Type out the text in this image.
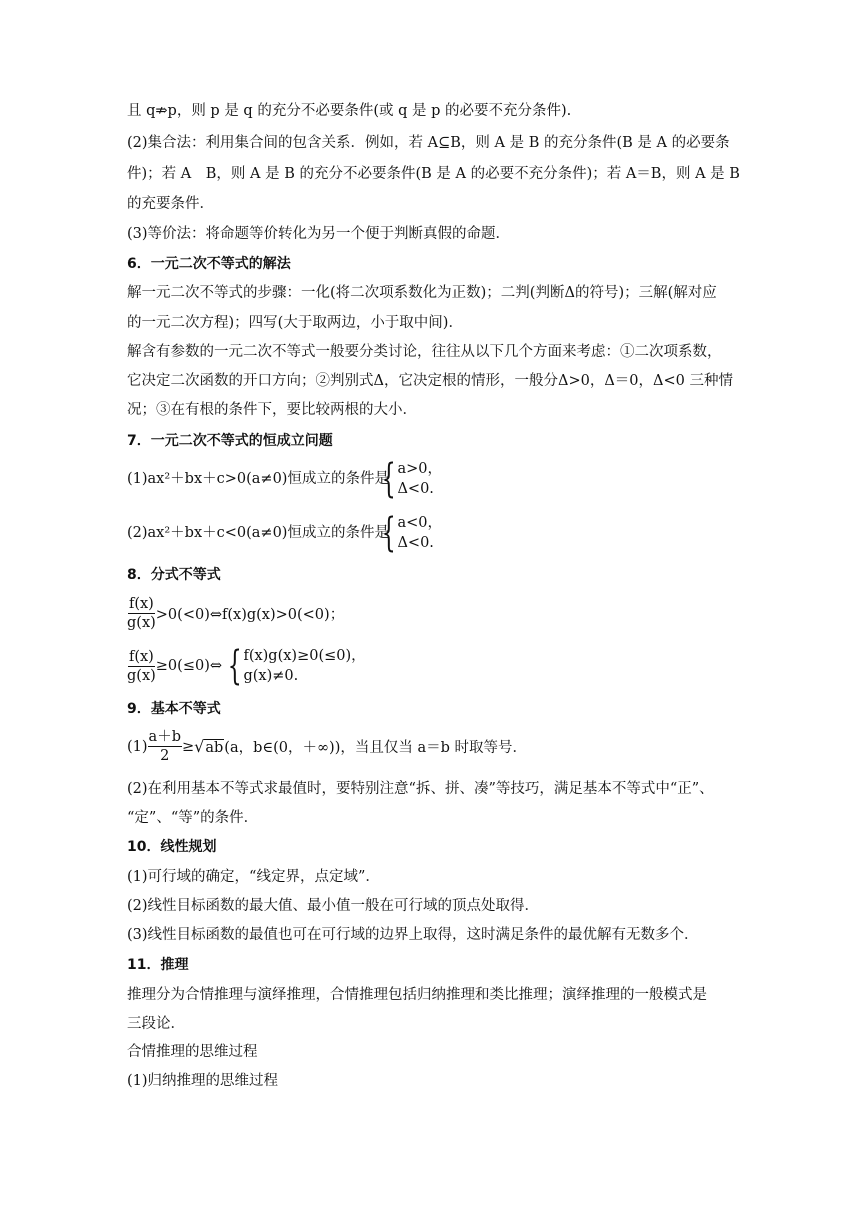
且 q⇏p，则 p 是 q 的充分不必要条件(或 q 是 p 的必要不充分条件).
(2)集合法：利用集合间的包含关系．例如，若 A⊆B，则 A 是 B 的充分条件(B 是 A 的必要条
件)；若 A　B，则 A 是 B 的充分不必要条件(B 是 A 的必要不充分条件)；若 A＝B，则 A 是 B
的充要条件．
(3)等价法：将命题等价转化为另一个便于判断真假的命题．
6．一元二次不等式的解法
解一元二次不等式的步骤：一化(将二次项系数化为正数)；二判(判断Δ的符号)；三解(解对应
的一元二次方程)；四写(大于取两边，小于取中间)．
解含有参数的一元二次不等式一般要分类讨论，往往从以下几个方面来考虑：①二次项系数，
它决定二次函数的开口方向；②判别式Δ，它决定根的情形，一般分Δ>0，Δ＝0，Δ<0 三种情
况；③在有根的条件下，要比较两根的大小．
7．一元二次不等式的恒成立问题
(1)ax²＋bx＋c>0(a≠0)恒成立的条件是
{ a>0，
Δ<0.
(2)ax²＋bx＋c<0(a≠0)恒成立的条件是
{ a<0，
Δ<0.
8．分式不等式
$\frac{f(x)}{g(x)}$ >0(<0)⇔f(x)g(x)>0(<0)；
$\frac{f(x)}{g(x)}$ ≥0(≤0)⇔ { f(x)g(x)≥0(≤0)，
g(x)≠0.
9．基本不等式
$(1) \frac{a+b}{2}$ ≥ √ ab (a，b∈(0，＋∞))，当且仅当 a＝b 时取等号．
(2)在利用基本不等式求最值时，要特别注意“拆、拼、凑”等技巧，满足基本不等式中“正”、
“定”、“等”的条件．
10．线性规划
(1)可行域的确定，“线定界，点定域”．
(2)线性目标函数的最大值、最小值一般在可行域的顶点处取得．
(3)线性目标函数的最值也可在可行域的边界上取得，这时满足条件的最优解有无数多个．
11．推理
推理分为合情推理与演绎推理，合情推理包括归纳推理和类比推理；演绎推理的一般模式是
三段论．
合情推理的思维过程
(1)归纳推理的思维过程
